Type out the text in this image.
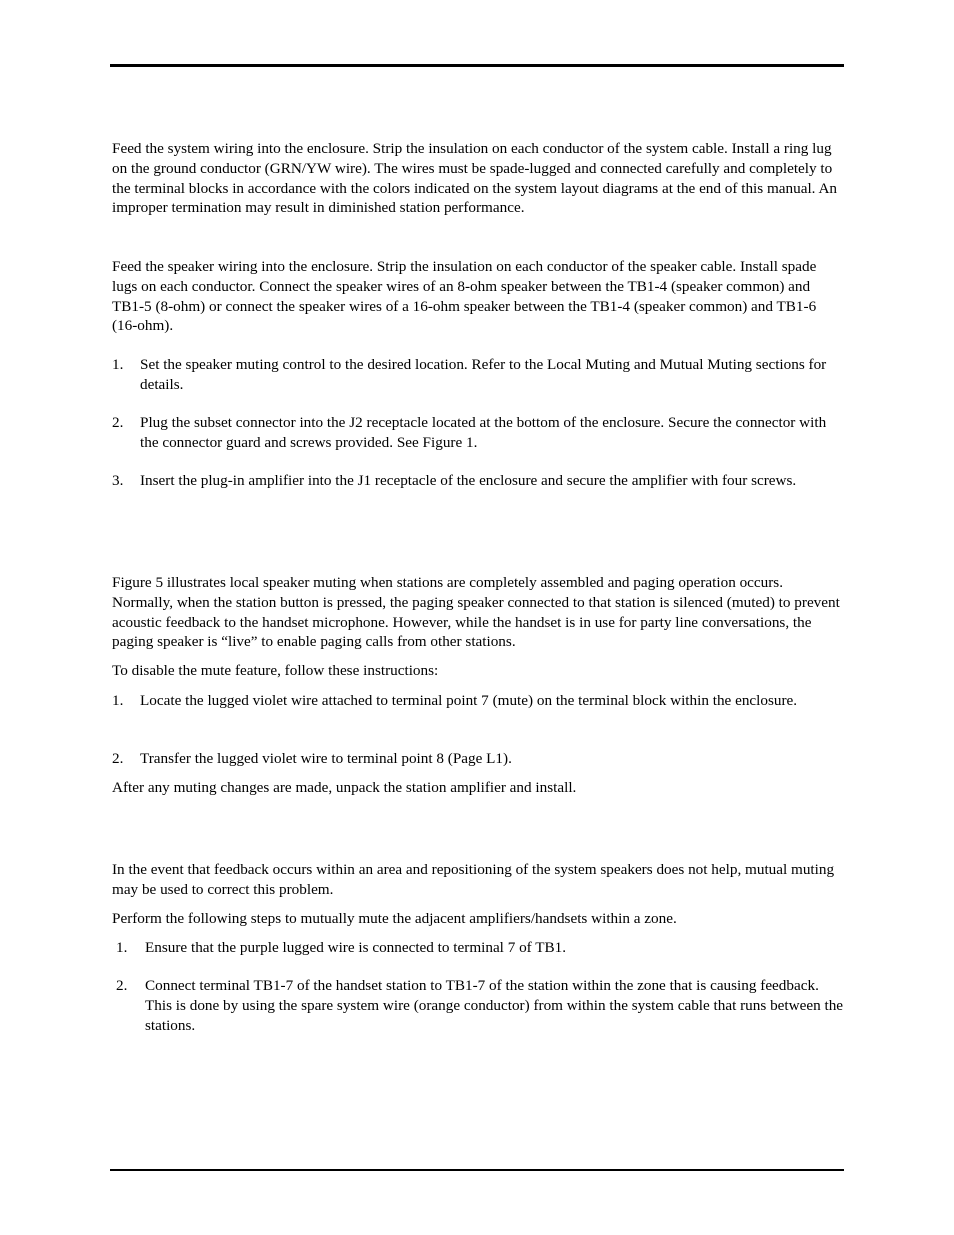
Feed the system wiring into the enclosure. Strip the insulation on each conductor of the system cable. Install a ring lug on the ground conductor (GRN/YW wire). The wires must be spade-lugged and connected carefully and completely to the terminal blocks in accordance with the colors indicated on the system layout diagrams at the end of this manual. An improper termination may result in diminished station performance.

Feed the speaker wiring into the enclosure. Strip the insulation on each conductor of the speaker cable. Install spade lugs on each conductor. Connect the speaker wires of an 8-ohm speaker between the TB1-4 (speaker common) and TB1-5 (8-ohm) or connect the speaker wires of a 16-ohm speaker between the TB1-4 (speaker common) and TB1-6 (16-ohm).

1. Set the speaker muting control to the desired location. Refer to the Local Muting and Mutual Muting sections for details.
2. Plug the subset connector into the J2 receptacle located at the bottom of the enclosure. Secure the connector with the connector guard and screws provided. See Figure 1.
3. Insert the plug-in amplifier into the J1 receptacle of the enclosure and secure the amplifier with four screws.

Figure 5 illustrates local speaker muting when stations are completely assembled and paging operation occurs. Normally, when the station button is pressed, the paging speaker connected to that station is silenced (muted) to prevent acoustic feedback to the handset microphone. However, while the handset is in use for party line conversations, the paging speaker is “live” to enable paging calls from other stations.

To disable the mute feature, follow these instructions:

1. Locate the lugged violet wire attached to terminal point 7 (mute) on the terminal block within the enclosure.
2. Transfer the lugged violet wire to terminal point 8 (Page L1).

After any muting changes are made, unpack the station amplifier and install.

In the event that feedback occurs within an area and repositioning of the system speakers does not help, mutual muting may be used to correct this problem.

Perform the following steps to mutually mute the adjacent amplifiers/handsets within a zone.

1. Ensure that the purple lugged wire is connected to terminal 7 of TB1.
2. Connect terminal TB1-7 of the handset station to TB1-7 of the station within the zone that is causing feedback. This is done by using the spare system wire (orange conductor) from within the system cable that runs between the stations.
